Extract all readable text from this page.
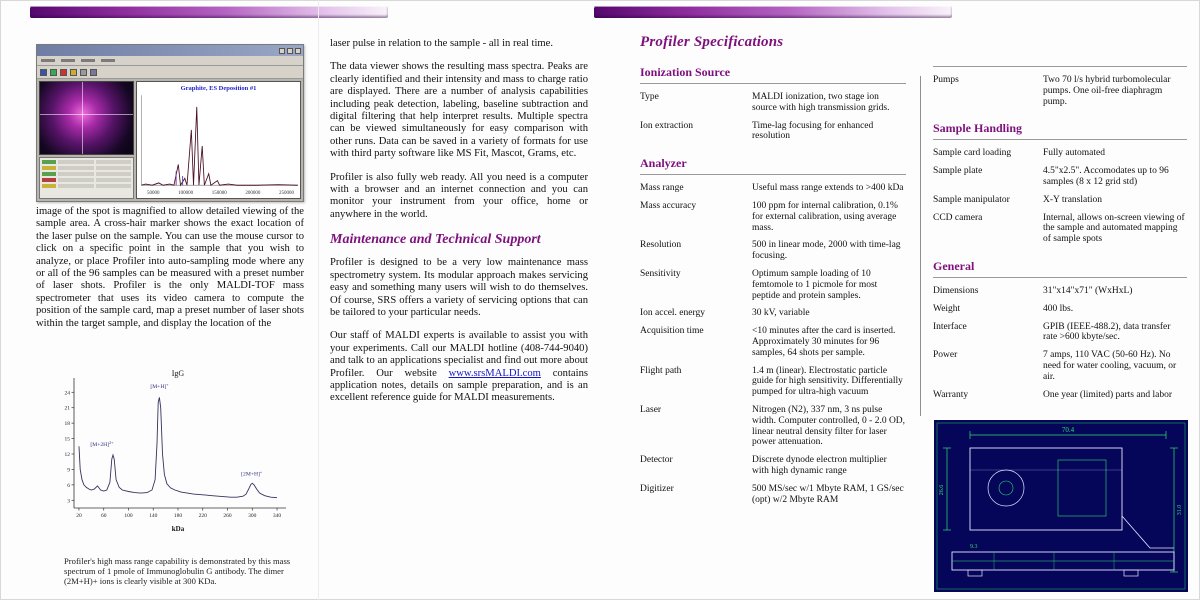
Graphite, ES Deposition #1
50000	100000	150000	200000	250000
image of the spot is magnified to allow detailed viewing of the sample area. A cross-hair marker shows the exact location of the laser pulse on the sample. You can use the mouse cursor to click on a specific point in the sample that you wish to analyze, or place Profiler into auto-sampling mode where any or all of the 96 samples can be measured with a preset number of laser shots. Profiler is the only MALDI-TOF mass spectrometer that uses its video camera to compute the position of the sample card, map a preset number of laser shots within the target sample, and display the location of the
3
6
9
12
15
18
21
24
20	60	100	140	180	220	260	300	340
IgG
kDa
$[M+2H]^{2+}$
[M+H]+
[2M+H]+
Profiler's high mass range capability is demonstrated by this mass spectrum of 1 pmole of Immunoglobulin G antibody. The dimer (2M+H)+ ions is clearly visible at 300 KDa.

laser pulse in relation to the sample - all in real time.

The data viewer shows the resulting mass spectra. Peaks are clearly identified and their intensity and mass to charge ratio are displayed. There are a number of analysis capabilities including peak detection, labeling, baseline subtraction and digital filtering that help interpret results. Multiple spectra can be viewed simultaneously for easy comparison with other runs. Data can be saved in a variety of formats for use with third party software like MS Fit, Mascot, Grams, etc.

Profiler is also fully web ready. All you need is a computer with a browser and an internet connection and you can monitor your instrument from your office, home or anywhere in the world.

Maintenance and Technical Support

Profiler is designed to be a very low maintenance mass spectrometry system. Its modular approach makes servicing easy and something many users will wish to do themselves. Of course, SRS offers a variety of servicing options that can be tailored to your particular needs.

Our staff of MALDI experts is available to assist you with your experiments. Call our MALDI hotline (408-744-9040) and talk to an applications specialist and find out more about Profiler. Our website www.srsMALDI.com contains application notes, details on sample preparation, and is an excellent reference guide for MALDI measurements.

Profiler Specifications
Ionization Source
Type	MALDI ionization, two stage ion source with high transmission grids.
Ion extraction	Time-lag focusing for enhanced resolution
Analyzer
Mass range	Useful mass range extends to >400 kDa
Mass accuracy	100 ppm for internal calibration, 0.1% for external calibration, using average mass.
Resolution	500 in linear mode, 2000 with time-lag focusing.
Sensitivity	Optimum sample loading of 10 femtomole to 1 picmole for most peptide and protein samples.
Ion accel. energy	30 kV, variable
Acquisition time	<10 minutes after the card is inserted. Approximately 30 minutes for 96 samples, 64 shots per sample.
Flight path	1.4 m (linear). Electrostatic particle guide for high sensitivity. Differentially pumped for ultra-high vacuum
Laser	Nitrogen (N2), 337 nm, 3 ns pulse width. Computer controlled, 0 - 2.0 OD, linear neutral density filter for laser power attenuation.
Detector	Discrete dynode electron multiplier with high dynamic range
Digitizer	500 MS/sec w/1 Mbyte RAM, 1 GS/sec (opt) w/2 Mbyte RAM
Pumps	Two 70 l/s hybrid turbomolecular pumps. One oil-free diaphragm pump.
Sample Handling
Sample card loading	Fully automated
Sample plate	4.5"x2.5". Accomodates up to 96 samples (8 x 12 grid std)
Sample manipulator	X-Y translation
CCD camera	Internal, allows on-screen viewing of the sample and automated mapping of sample spots
General
Dimensions	31"x14"x71" (WxHxL)
Weight	400 lbs.
Interface	GPIB (IEEE-488.2), data transfer rate >600 kbyte/sec.
Power	7 amps, 110 VAC (50-60 Hz). No need for water cooling, vacuum, or air.
Warranty	One year (limited) parts and labor
70.4
26.6
31.0
9.3
